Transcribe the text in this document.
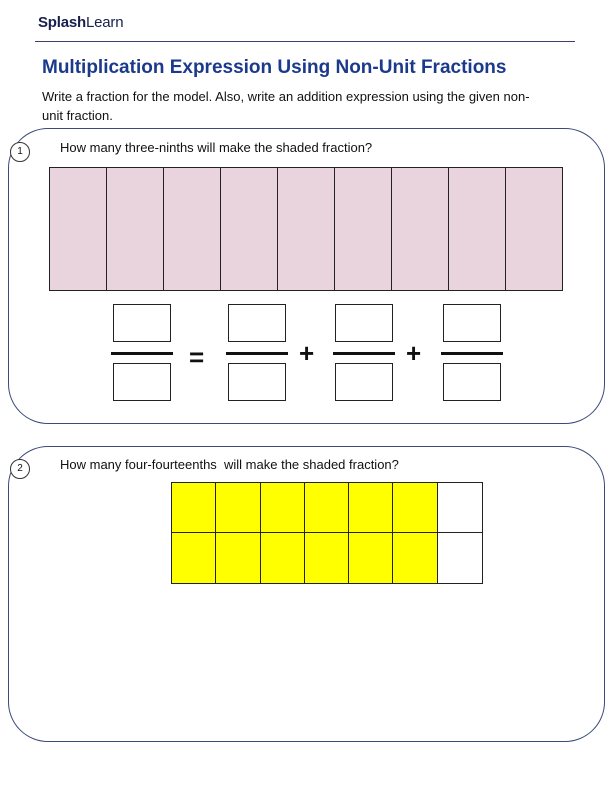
SplashLearn
Multiplication Expression Using Non-Unit Fractions
Write a fraction for the model. Also, write an addition expression using the given non-unit fraction.
1	How many three-ninths will make the shaded fraction?
=	+	+
2	How many four-fourteenths  will make the shaded fraction?
